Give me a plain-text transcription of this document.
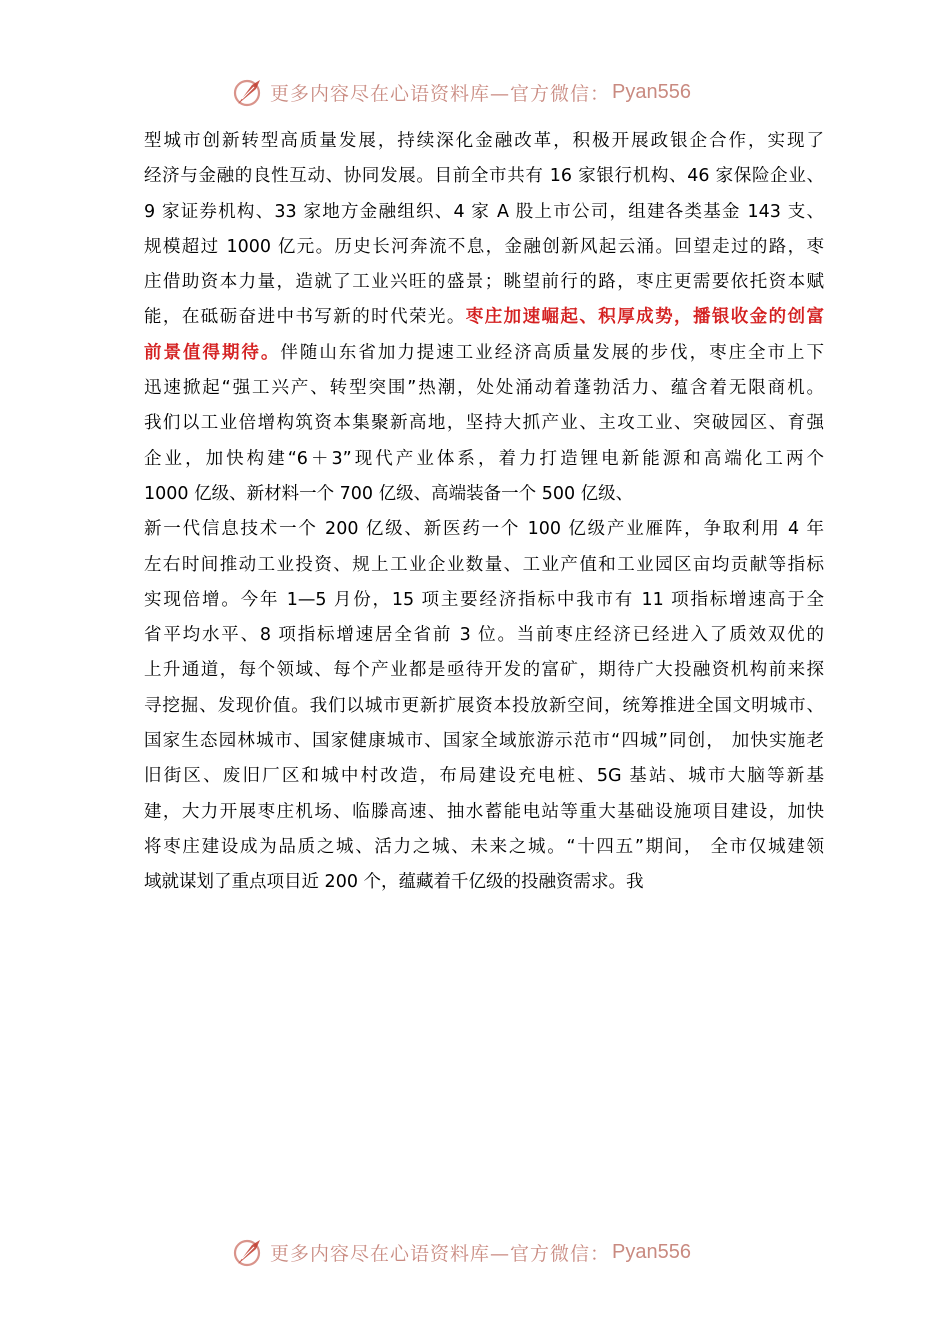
更多内容尽在心语资料库—官方微信： Pyan556
型城市创新转型高质量发展，持续深化金融改革，积极开展政银企合作，实现了
经济与金融的良性互动、协同发展。目前全市共有 16 家银行机构、46 家保险企业、
9 家证券机构、33 家地方金融组织、4 家 A 股上市公司，组建各类基金 143 支、
规模超过 1000 亿元。历史长河奔流不息，金融创新风起云涌。回望走过的路，枣
庄借助资本力量，造就了工业兴旺的盛景；眺望前行的路，枣庄更需要依托资本赋
能，在砥砺奋进中书写新的时代荣光。枣庄加速崛起、积厚成势，播银收金的创富
前景值得期待。伴随山东省加力提速工业经济高质量发展的步伐，枣庄全市上下
迅速掀起“强工兴产、转型突围”热潮，处处涌动着蓬勃活力、蕴含着无限商机。
我们以工业倍增构筑资本集聚新高地，坚持大抓产业、主攻工业、突破园区、育强
企业，加快构建“6＋3”现代产业体系，着力打造锂电新能源和高端化工两个
1000 亿级、新材料一个 700 亿级、高端装备一个 500 亿级、
新一代信息技术一个 200 亿级、新医药一个 100 亿级产业雁阵，争取利用 4 年
左右时间推动工业投资、规上工业企业数量、工业产值和工业园区亩均贡献等指标
实现倍增。今年 1—5 月份，15 项主要经济指标中我市有 11 项指标增速高于全
省平均水平、8 项指标增速居全省前 3 位。当前枣庄经济已经进入了质效双优的
上升通道，每个领域、每个产业都是亟待开发的富矿，期待广大投融资机构前来探
寻挖掘、发现价值。我们以城市更新扩展资本投放新空间，统筹推进全国文明城市、
国家生态园林城市、国家健康城市、国家全域旅游示范市“四城”同创， 加快实施老
旧街区、废旧厂区和城中村改造，布局建设充电桩、5G 基站、城市大脑等新基
建，大力开展枣庄机场、临滕高速、抽水蓄能电站等重大基础设施项目建设，加快
将枣庄建设成为品质之城、活力之城、未来之城。“十四五”期间， 全市仅城建领
域就谋划了重点项目近 200 个，蕴藏着千亿级的投融资需求。我
更多内容尽在心语资料库—官方微信： Pyan556
